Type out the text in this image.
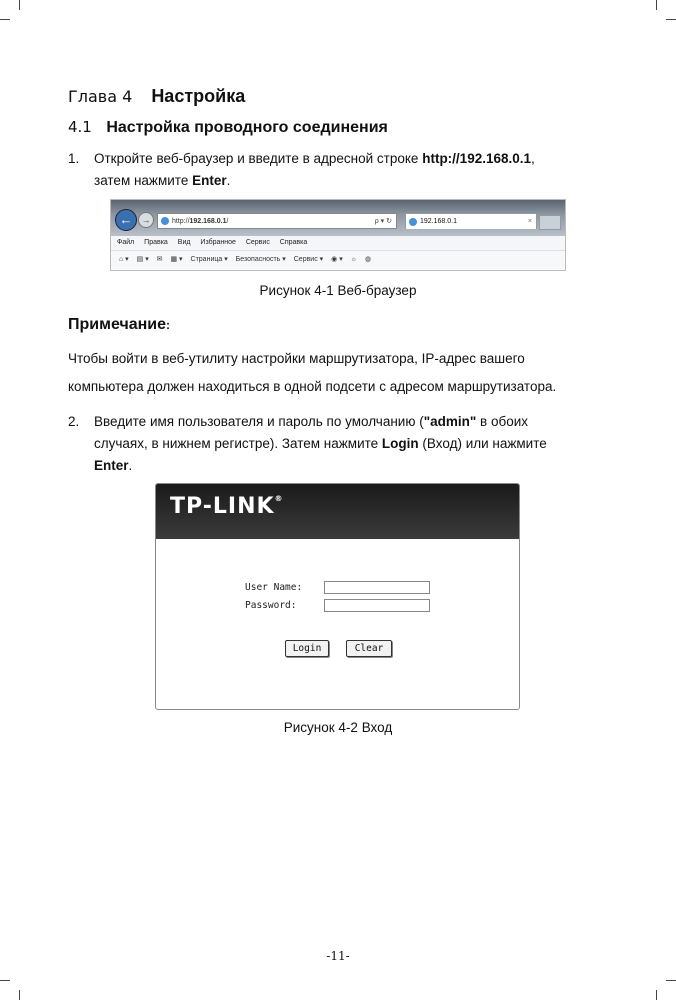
Глава 4 Настройка
4.1 Настройка проводного соединения
1.	Откройте веб-браузер и введите в адресной строке http://192.168.0.1,
затем нажмите Enter.
←	→	http://192.168.0.1/	ρ ▾ ↻	192.168.0.1	×
Файл Правка Вид Избранное Сервис Справка
⌂ ▾ ▤ ▾ ✉ ▦ ▾ Страница ▾ Безопасность ▾ Сервис ▾ ◉ ▾ ☼ ◍
Рисунок 4-1 Веб-браузер
Примечание:
Чтобы войти в веб-утилиту настройки маршрутизатора, IP-адрес вашего
компьютера должен находиться в одной подсети с адресом маршрутизатора.
2.	Введите имя пользователя и пароль по умолчанию ("admin" в обоих
случаях, в нижнем регистре). Затем нажмите Login (Вход) или нажмите
Enter.
TP-LINK®
User Name:
Password:
Login	Clear
Рисунок 4-2 Вход
-11-
